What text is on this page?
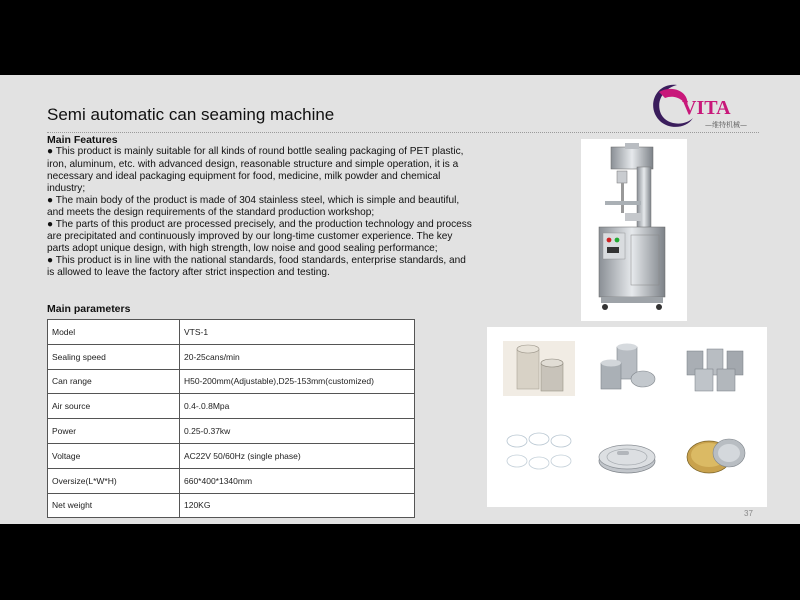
Semi automatic can seaming machine	VITA
—维特机械—
Main Features

● This product is mainly suitable for all kinds of round bottle sealing packaging of PET plastic, iron, aluminum, etc. with advanced design, reasonable structure and simple operation, it is a necessary and ideal packaging equipment for food, medicine, milk powder and chemical industry;

● The main body of the product is made of 304 stainless steel, which is simple and beautiful, and meets the design requirements of the standard production workshop;

● The parts of this product are processed precisely, and the production technology and process are precipitated and continuously improved by our long-time customer experience. The key parts adopt unique design, with high strength, low noise and good sealing performance;

● This product is in line with the national standards, food standards, enterprise standards, and is allowed to leave the factory after strict inspection and testing.

Main parameters
Model	VTS-1
Sealing speed	20-25cans/min
Can range	H50-200mm(Adjustable),D25-153mm(customized)
Air source	0.4-.0.8Mpa
Power	0.25-0.37kw
Voltage	AC22V 50/60Hz (single phase)
Oversize(L*W*H)	660*400*1340mm
Net weight	120KG
37
